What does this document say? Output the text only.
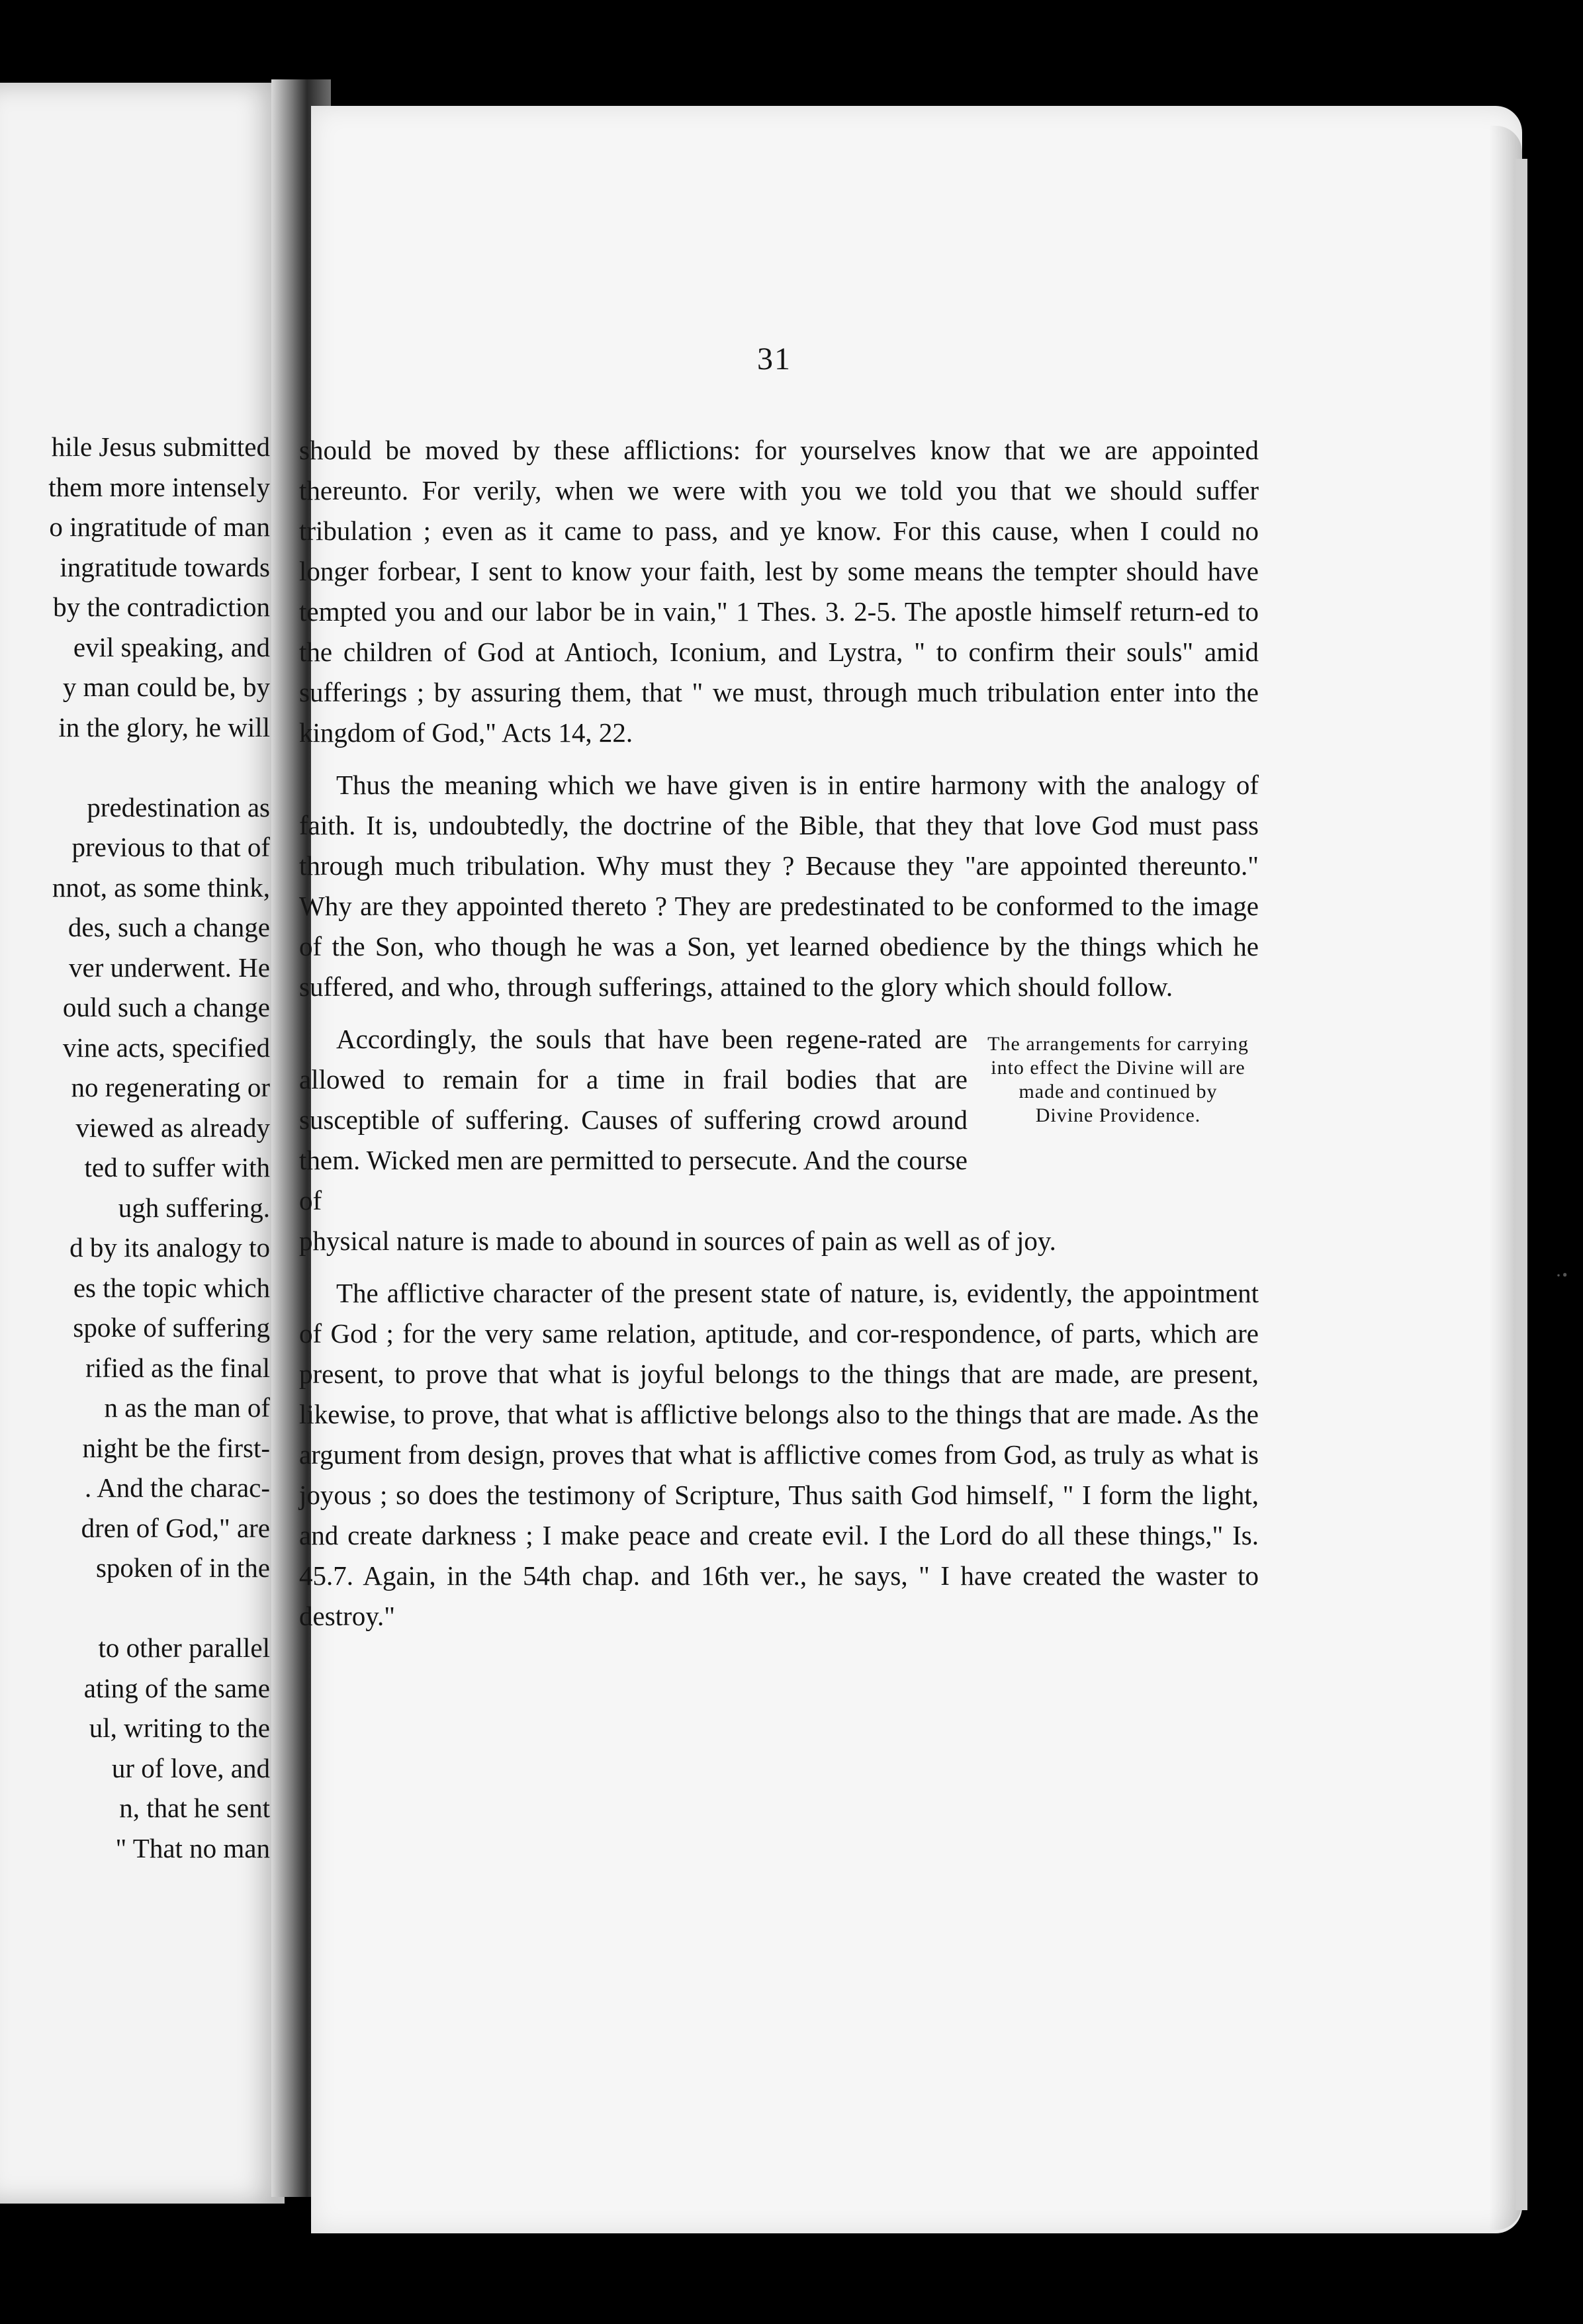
hile Jesus submitted
them more intensely
o ingratitude of man
ingratitude towards
by the contradiction
evil speaking, and
y man could be, by
in the glory, he will
predestination as
previous to that of
nnot, as some think,
des, such a change
ver underwent. He
ould such a change
vine acts, specified
no regenerating or
viewed as already
ted to suffer with
ugh suffering.
d by its analogy to
es the topic which
spoke of suffering
rified as the final
n as the man of
night be the first-
. And the charac-
dren of God," are
spoken of in the
to other parallel
ating of the same
ul, writing to the
ur of love, and
n, that he sent
" That no man
31

should be moved by these afflictions: for yourselves know that we are appointed thereunto. For verily, when we were with you we told you that we should suffer tribulation ; even as it came to pass, and ye know. For this cause, when I could no longer forbear, I sent to know your faith, lest by some means the tempter should have tempted you and our labor be in vain," 1 Thes. 3. 2-5. The apostle himself return-ed to the children of God at Antioch, Iconium, and Lystra, " to confirm their souls" amid sufferings ; by assuring them, that " we must, through much tribulation enter into the kingdom of God," Acts 14, 22.

Thus the meaning which we have given is in entire harmony with the analogy of faith. It is, undoubtedly, the doctrine of the Bible, that they that love God must pass through much tribulation. Why must they ? Because they "are appointed thereunto." Why are they appointed thereto ? They are predestinated to be conformed to the image of the Son, who though he was a Son, yet learned obedience by the things which he suffered, and who, through sufferings, attained to the glory which should follow.

Accordingly, the souls that have been regene-rated are allowed to remain for a time in frail bodies that are susceptible of suffering. Causes of suffering crowd around them. Wicked men are permitted to persecute. And the course of

The arrangements for carrying into effect the Divine will are made and continued by Divine Providence.

physical nature is made to abound in sources of pain as well as of joy.

The afflictive character of the present state of nature, is, evidently, the appointment of God ; for the very same relation, aptitude, and cor-respondence, of parts, which are present, to prove that what is joyful belongs to the things that are made, are present, likewise, to prove, that what is afflictive belongs also to the things that are made. As the argument from design, proves that what is afflictive comes from God, as truly as what is joyous ; so does the testimony of Scripture, Thus saith God himself, " I form the light, and create darkness ; I make peace and create evil. I the Lord do all these things," Is. 45.7. Again, in the 54th chap. and 16th ver., he says, " I have created the waster to destroy."

·ꞏ
